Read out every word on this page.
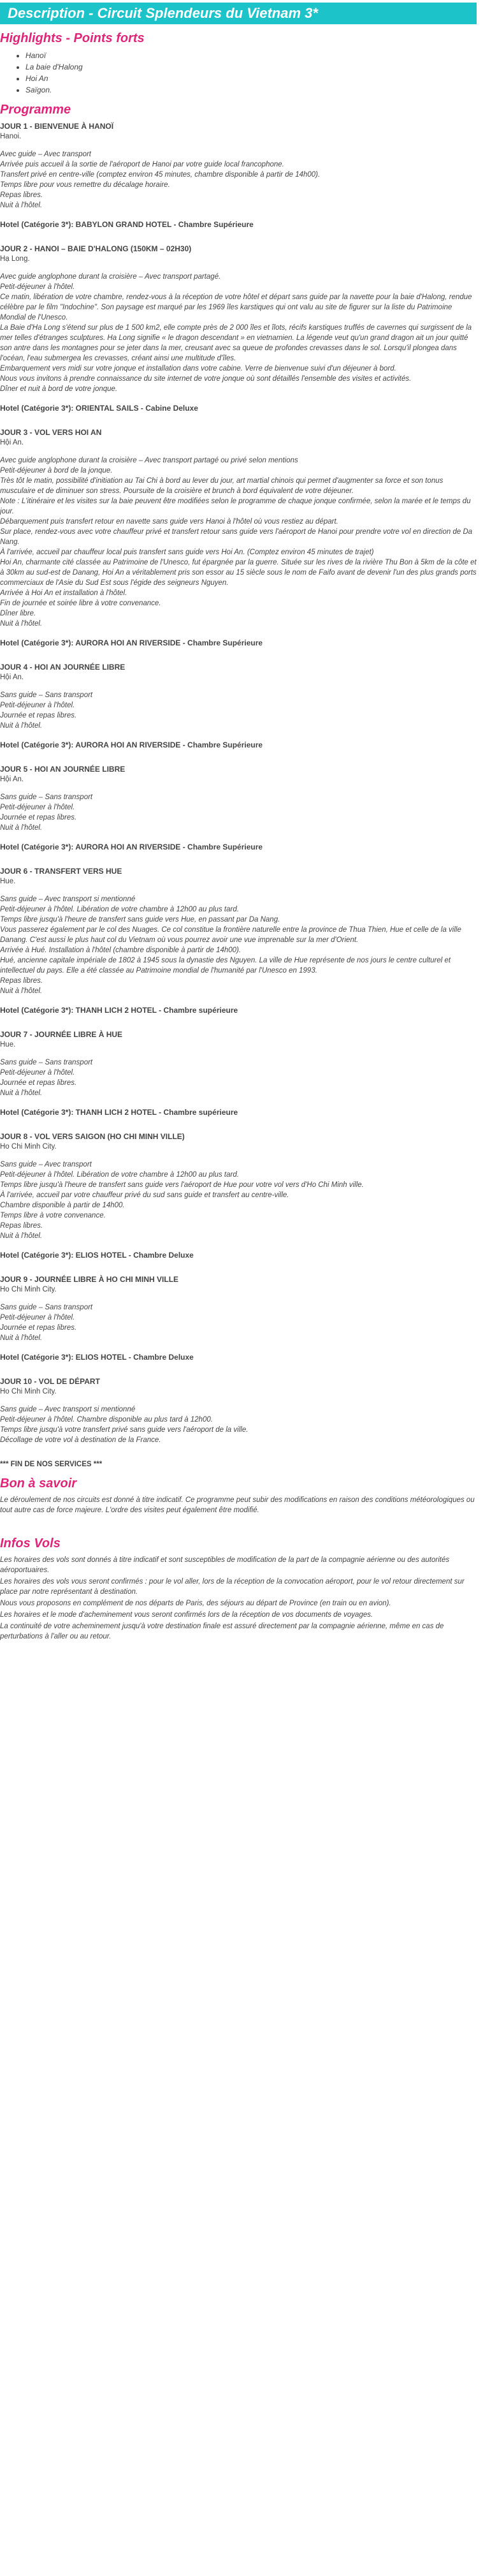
Description - Circuit Splendeurs du Vietnam 3*
Highlights - Points forts
• Hanoï
• La baie d'Halong
• Hoi An
• Saïgon.
Programme

JOUR 1 - BIENVENUE À HANOÏ

Hanoi.

Avec guide – Avec transport
Arrivée puis accueil à la sortie de l'aéroport de Hanoi par votre guide local francophone.
Transfert privé en centre-ville (comptez environ 45 minutes, chambre disponible à partir de 14h00).
Temps libre pour vous remettre du décalage horaire.
Repas libres.
Nuit à l'hôtel.

Hotel (Catégorie 3*): BABYLON GRAND HOTEL - Chambre Supérieure

JOUR 2 - HANOI – BAIE D'HALONG (150KM – 02H30)

Hạ Long.

Avec guide anglophone durant la croisière – Avec transport partagé.
Petit-déjeuner à l'hôtel.
Ce matin, libération de votre chambre, rendez-vous à la réception de votre hôtel et départ sans guide par la navette pour la baie d'Halong, rendue célèbre par le film "Indochine". Son paysage est marqué par les 1969 îles karstiques qui ont valu au site de figurer sur la liste du Patrimoine Mondial de l'Unesco.
La Baie d'Ha Long s'étend sur plus de 1 500 km2, elle compte près de 2 000 îles et îlots, récifs karstiques truffés de cavernes qui surgissent de la mer telles d'étranges sculptures. Ha Long signifie « le dragon descendant » en vietnamien. La légende veut qu'un grand dragon ait un jour quitté son antre dans les montagnes pour se jeter dans la mer, creusant avec sa queue de profondes crevasses dans le sol. Lorsqu'il plongea dans l'océan, l'eau submergea les crevasses, créant ainsi une multitude d'îles.
Embarquement vers midi sur votre jonque et installation dans votre cabine. Verre de bienvenue suivi d'un déjeuner à bord.
Nous vous invitons à prendre connaissance du site internet de votre jonque où sont détaillés l'ensemble des visites et activités.
Dîner et nuit à bord de votre jonque.

Hotel (Catégorie 3*): ORIENTAL SAILS - Cabine Deluxe

JOUR 3 - VOL VERS HOI AN

Hội An.

Avec guide anglophone durant la croisière – Avec transport partagé ou privé selon mentions
Petit-déjeuner à bord de la jonque.
Très tôt le matin, possibilité d'initiation au Tai Chi à bord au lever du jour, art martial chinois qui permet d'augmenter sa force et son tonus musculaire et de diminuer son stress. Poursuite de la croisière et brunch à bord équivalent de votre déjeuner.
Note : L'itinéraire et les visites sur la baie peuvent être modifiées selon le programme de chaque jonque confirmée, selon la marée et le temps du jour.
Débarquement puis transfert retour en navette sans guide vers Hanoi à l'hôtel où vous restiez au départ.
Sur place, rendez-vous avec votre chauffeur privé et transfert retour sans guide vers l'aéroport de Hanoi pour prendre votre vol en direction de Da Nang.
À l'arrivée, accueil par chauffeur local puis transfert sans guide vers Hoi An. (Comptez environ 45 minutes de trajet)
Hoi An, charmante cité classée au Patrimoine de l'Unesco, fut épargnée par la guerre. Située sur les rives de la rivière Thu Bon à 5km de la côte et à 30km au sud-est de Danang, Hoi An a véritablement pris son essor au 15 siècle sous le nom de Faifo avant de devenir l'un des plus grands ports commerciaux de l'Asie du Sud Est sous l'égide des seigneurs Nguyen.
Arrivée à Hoi An et installation à l'hôtel.
Fin de journée et soirée libre à votre convenance.
Dîner libre.
Nuit à l'hôtel.

Hotel (Catégorie 3*): AURORA HOI AN RIVERSIDE - Chambre Supérieure

JOUR 4 - HOI AN JOURNÉE LIBRE

Hội An.

Sans guide – Sans transport
Petit-déjeuner à l'hôtel.
Journée et repas libres.
Nuit à l'hôtel.

Hotel (Catégorie 3*): AURORA HOI AN RIVERSIDE - Chambre Supérieure

JOUR 5 - HOI AN JOURNÉE LIBRE

Hội An.

Sans guide – Sans transport
Petit-déjeuner à l'hôtel.
Journée et repas libres.
Nuit à l'hôtel.

Hotel (Catégorie 3*): AURORA HOI AN RIVERSIDE - Chambre Supérieure

JOUR 6 - TRANSFERT VERS HUE

Hue.

Sans guide – Avec transport si mentionné
Petit-déjeuner à l'hôtel. Libération de votre chambre à 12h00 au plus tard.
Temps libre jusqu'à l'heure de transfert sans guide vers Hue, en passant par Da Nang.
Vous passerez également par le col des Nuages. Ce col constitue la frontière naturelle entre la province de Thua Thien, Hue et celle de la ville Danang. C'est aussi le plus haut col du Vietnam où vous pourrez avoir une vue imprenable sur la mer d'Orient.
Arrivée à Hué. Installation à l'hôtel (chambre disponible à partir de 14h00).
Hué, ancienne capitale impériale de 1802 à 1945 sous la dynastie des Nguyen. La ville de Hue représente de nos jours le centre culturel et intellectuel du pays. Elle a été classée au Patrimoine mondial de l'humanité par l'Unesco en 1993.
Repas libres.
Nuit à l'hôtel.

Hotel (Catégorie 3*): THANH LICH 2 HOTEL - Chambre supérieure

JOUR 7 - JOURNÉE LIBRE À HUE

Hue.

Sans guide – Sans transport
Petit-déjeuner à l'hôtel.
Journée et repas libres.
Nuit à l'hôtel.

Hotel (Catégorie 3*): THANH LICH 2 HOTEL - Chambre supérieure

JOUR 8 - VOL VERS SAIGON (HO CHI MINH VILLE)

Ho Chi Minh City.

Sans guide – Avec transport
Petit-déjeuner à l'hôtel. Libération de votre chambre à 12h00 au plus tard.
Temps libre jusqu'à l'heure de transfert sans guide vers l'aéroport de Hue pour votre vol vers d'Ho Chi Minh ville.
À l'arrivée, accueil par votre chauffeur privé du sud sans guide et transfert au centre-ville.
Chambre disponible à partir de 14h00.
Temps libre à votre convenance.
Repas libres.
Nuit à l'hôtel.

Hotel (Catégorie 3*): ELIOS HOTEL - Chambre Deluxe

JOUR 9 - JOURNÉE LIBRE À HO CHI MINH VILLE

Ho Chi Minh City.

Sans guide – Sans transport
Petit-déjeuner à l'hôtel.
Journée et repas libres.
Nuit à l'hôtel.

Hotel (Catégorie 3*): ELIOS HOTEL - Chambre Deluxe

JOUR 10 - VOL DE DÉPART

Ho Chi Minh City.

Sans guide – Avec transport si mentionné
Petit-déjeuner à l'hôtel. Chambre disponible au plus tard à 12h00.
Temps libre jusqu'à votre transfert privé sans guide vers l'aéroport de la ville.
Décollage de votre vol à destination de la France.

*** FIN DE NOS SERVICES ***
Bon à savoir

Le déroulement de nos circuits est donné à titre indicatif. Ce programme peut subir des modifications en raison des conditions météorologiques ou tout autre cas de force majeure. L'ordre des visites peut également être modifié.

Infos Vols

Les horaires des vols sont donnés à titre indicatif et sont susceptibles de modification de la part de la compagnie aérienne ou des autorités aéroportuaires.

Les horaires des vols vous seront confirmés : pour le vol aller, lors de la réception de la convocation aéroport, pour le vol retour directement sur place par notre représentant à destination.

Nous vous proposons en complément de nos départs de Paris, des séjours au départ de Province (en train ou en avion).

Les horaires et le mode d'acheminement vous seront confirmés lors de la réception de vos documents de voyages.

La continuité de votre acheminement jusqu'à votre destination finale est assuré directement par la compagnie aérienne, même en cas de perturbations à l'aller ou au retour.
